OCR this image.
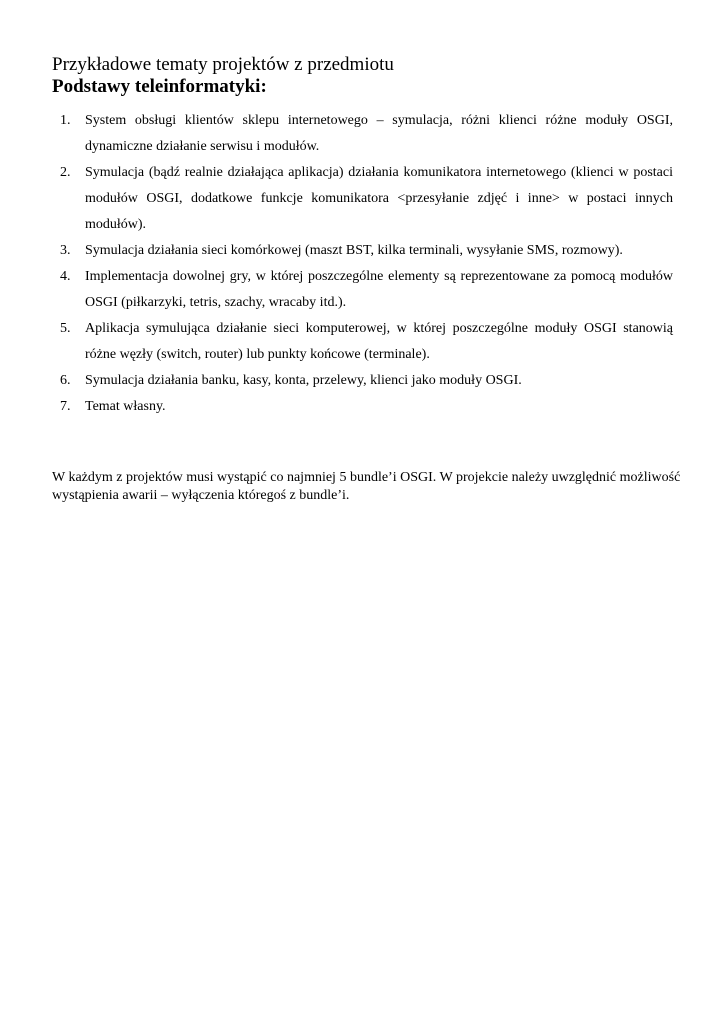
Przykładowe tematy projektów z przedmiotu
Podstawy teleinformatyki:
1.	System obsługi klientów sklepu internetowego – symulacja, różni klienci różne moduły OSGI, dynamiczne działanie serwisu i modułów.
2.	Symulacja (bądź realnie działająca aplikacja) działania komunikatora internetowego (klienci w postaci modułów OSGI, dodatkowe funkcje komunikatora <przesyłanie zdjęć i inne> w postaci innych modułów).
3.	Symulacja działania sieci komórkowej (maszt BST, kilka terminali, wysyłanie SMS, rozmowy).
4.	Implementacja dowolnej gry, w której poszczególne elementy są reprezentowane za pomocą modułów OSGI (piłkarzyki, tetris, szachy, wracaby itd.).
5.	Aplikacja symulująca działanie sieci komputerowej, w której poszczególne moduły OSGI stanowią różne węzły (switch, router) lub punkty końcowe (terminale).
6.	Symulacja działania banku, kasy, konta, przelewy, klienci jako moduły OSGI.
7.	Temat własny.

W każdym z projektów musi wystąpić co najmniej 5 bundle’i OSGI. W projekcie należy uwzględnić możliwość wystąpienia awarii – wyłączenia któregoś z bundle’i.
